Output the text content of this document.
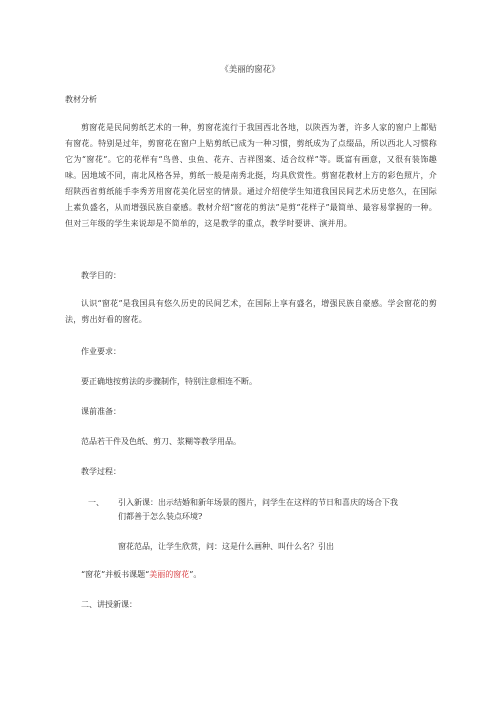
《美丽的窗花》
教材分析
剪窗花是民间剪纸艺术的一种，剪窗花流行于我国西北各地，以陕西为著，许多人家的窗户上都贴有窗花。特别是过年，剪窗花在窗户上贴剪纸已成为一种习惯，剪纸成为了点缀品，所以西北人习惯称它为“窗花”。它的花样有“鸟兽、虫鱼、花卉、吉祥图案、适合纹样”等。既富有画意，又很有装饰趣味。因地域不同，南北风格各异，剪纸一般是南秀北挺，均具欣赏性。剪窗花教材上方的彩色照片，介绍陕西省剪纸能手李秀芳用窗花美化居室的情景。通过介绍使学生知道我国民间艺术历史悠久，在国际上素负盛名，从而增强民族自豪感。教材介绍“窗花的剪法”是剪“花样子”最简单、最容易掌握的一种。但对三年级的学生来说却是不简单的，这是教学的重点，教学时要讲、演并用。
教学目的：
认识“窗花”是我国具有悠久历史的民间艺术，在国际上享有盛名，增强民族自豪感。学会窗花的剪法，剪出好看的窗花。
作业要求：
要正确地按剪法的步骤制作，特别注意相连不断。
课前准备：
范品若干件及色纸、剪刀、浆糊等教学用品。
教学过程：
一、 引入新课：出示结婚和新年场景的图片，问学生在这样的节日和喜庆的场合下我
们都善于怎么装点环境?
窗花范品，让学生欣赏，问：这是什么画种、叫什么名？引出
“窗花”并板书课题“美丽的窗花”。
二、讲授新课：
